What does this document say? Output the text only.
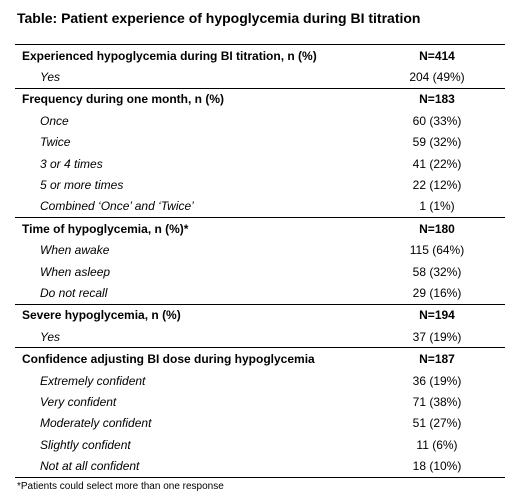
Table: Patient experience of hypoglycemia during BI titration
Experienced hypoglycemia during BI titration, n (%)	N=414
Yes	204 (49%)
Frequency during one month, n (%)	N=183
Once	60 (33%)
Twice	59 (32%)
3 or 4 times	41 (22%)
5 or more times	22 (12%)
Combined ‘Once’ and ‘Twice’	1 (1%)
Time of hypoglycemia, n (%)*	N=180
When awake	115 (64%)
When asleep	58 (32%)
Do not recall	29 (16%)
Severe hypoglycemia, n (%)	N=194
Yes	37 (19%)
Confidence adjusting BI dose during hypoglycemia	N=187
Extremely confident	36 (19%)
Very confident	71 (38%)
Moderately confident	51 (27%)
Slightly confident	11 (6%)
Not at all confident	18 (10%)
*Patients could select more than one response
